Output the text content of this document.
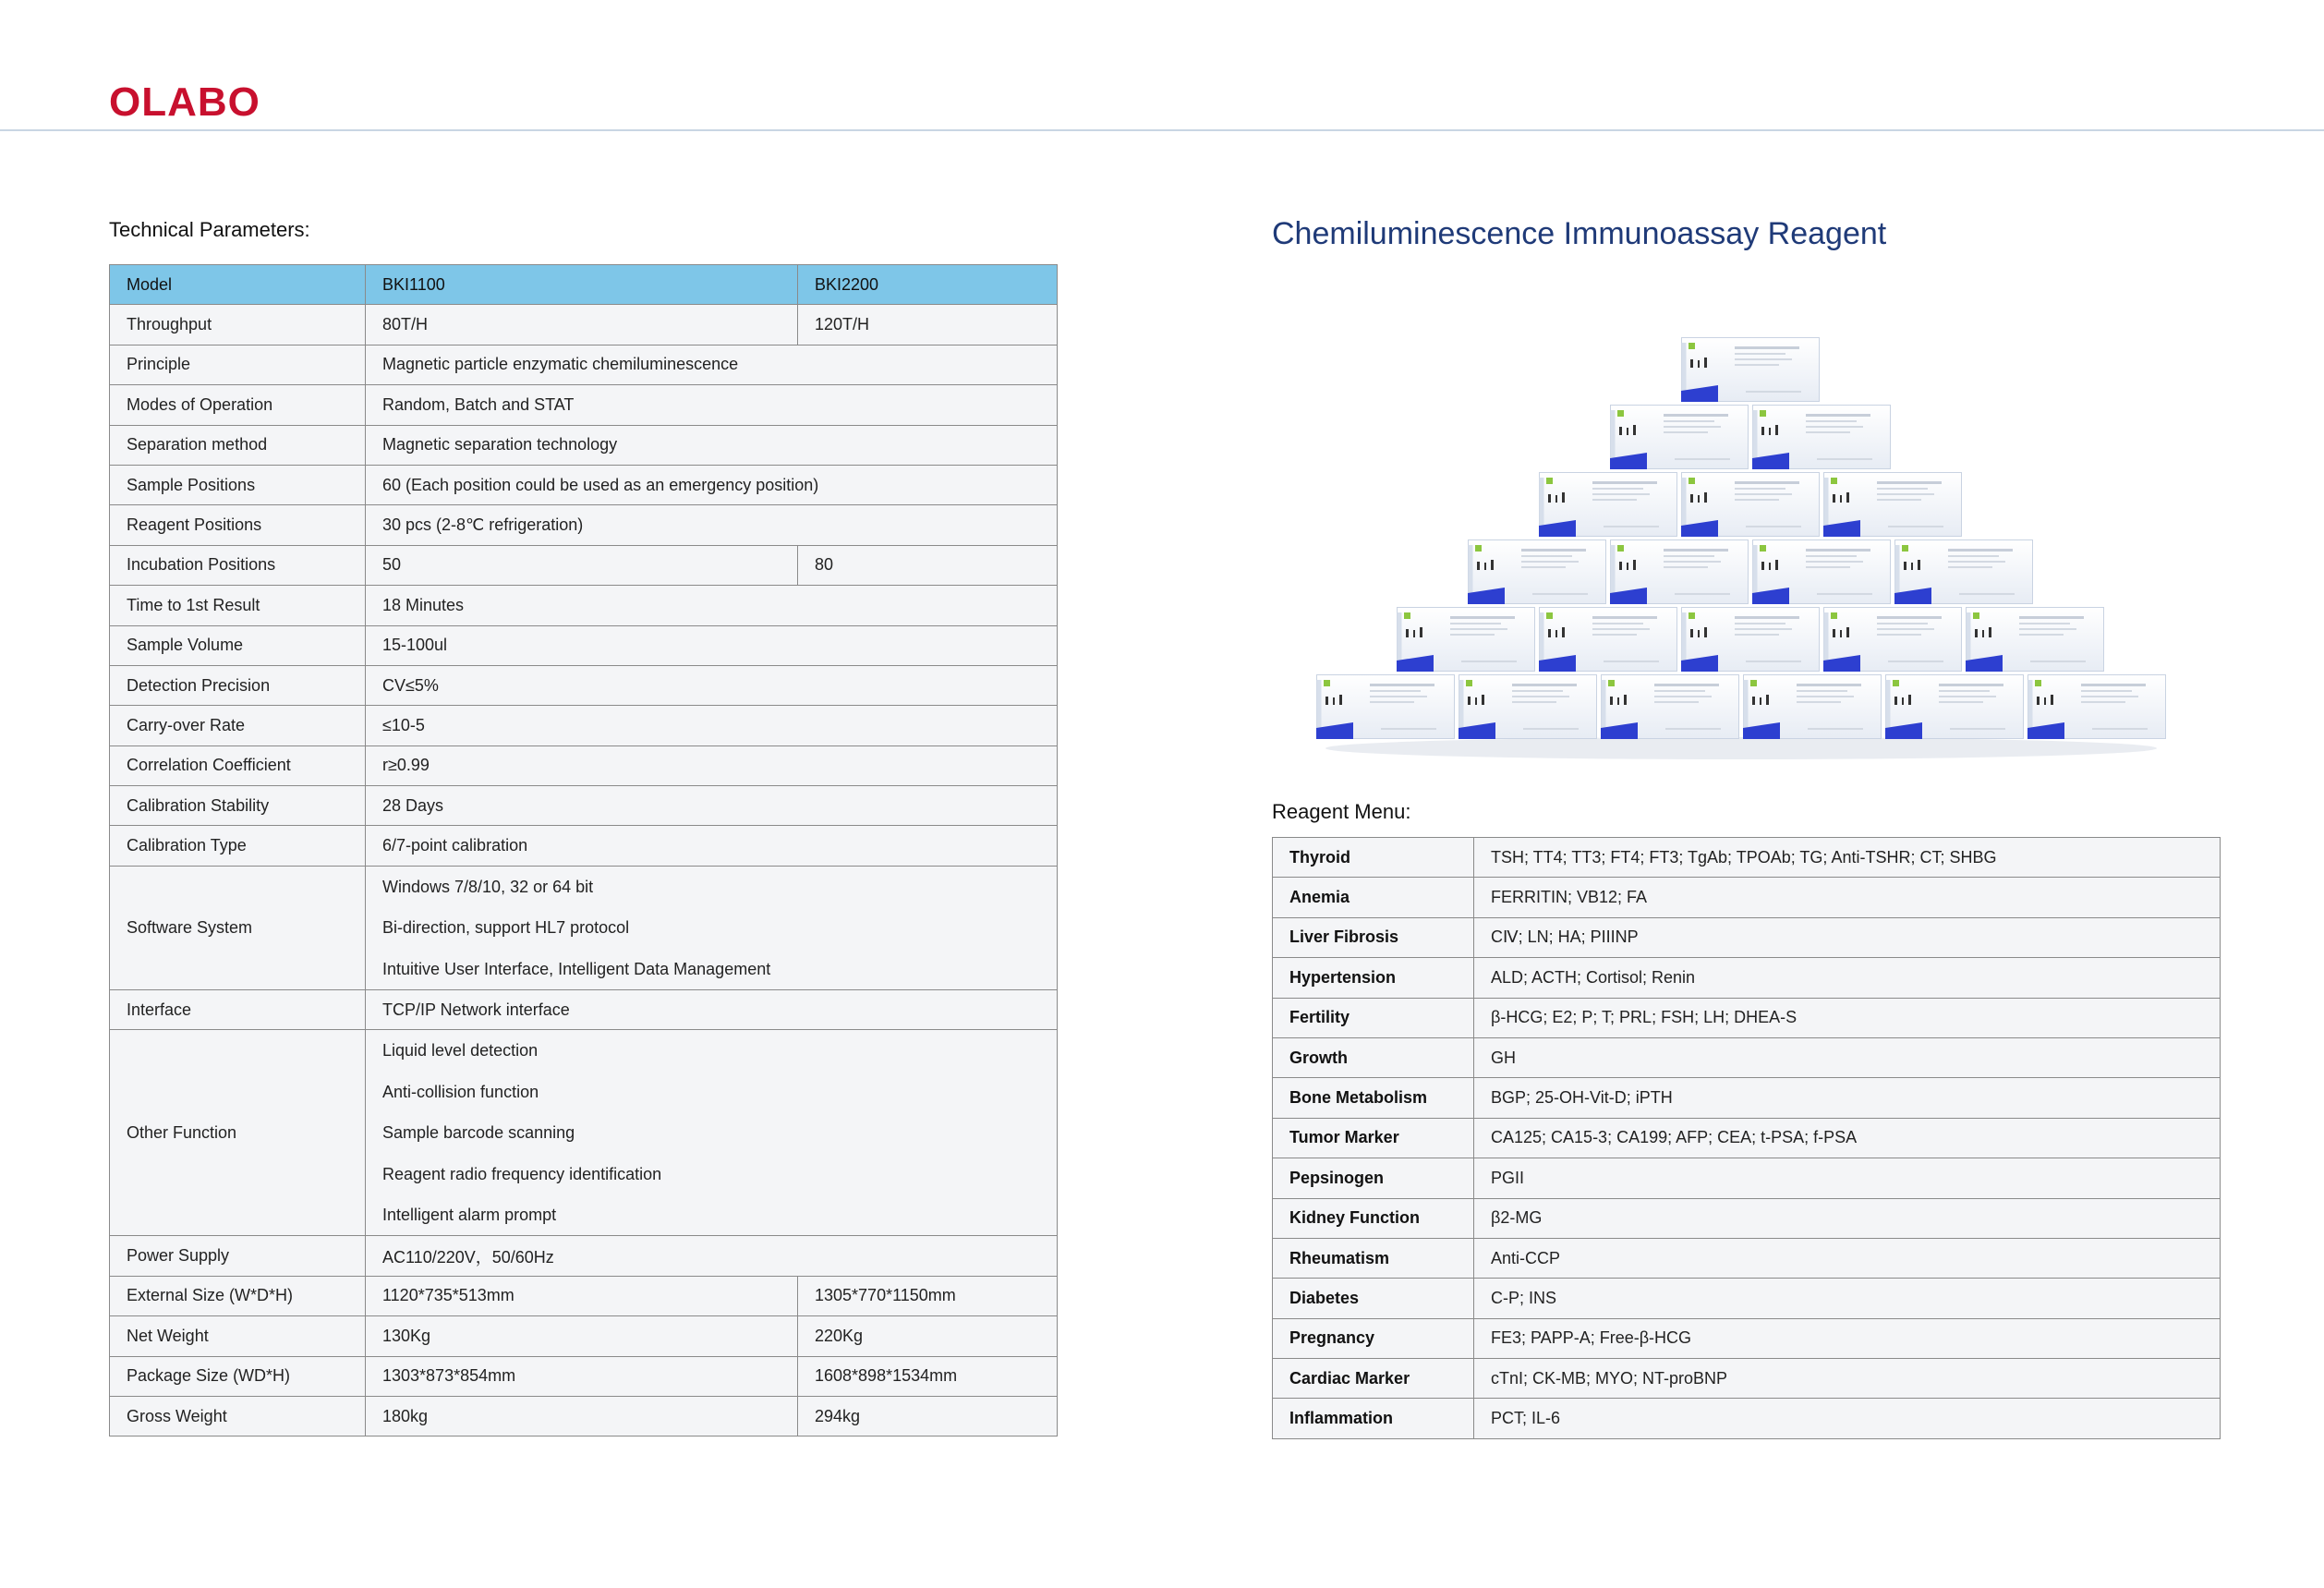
OLABO
Technical Parameters:
Model	BKI1100	BKI2200
Throughput	80T/H	120T/H
Principle	Magnetic particle enzymatic chemiluminescence	
Modes of Operation	Random, Batch and STAT	
Separation method	Magnetic separation technology	
Sample Positions	60 (Each position could be used as an emergency position)	
Reagent Positions	30 pcs (2-8℃ refrigeration)	
Incubation Positions	50	80
Time to 1st Result	18 Minutes	
Sample Volume	15-100ul	
Detection Precision	CV≤5%	
Carry-over Rate	≤10-5	
Correlation Coefficient	r≥0.99	
Calibration Stability	28 Days	
Calibration Type	6/7-point calibration	
Software System	Windows 7/8/10, 32 or 64 bit
Bi-direction, support HL7 protocol
Intuitive User Interface, Intelligent Data Management	

Interface	TCP/IP Network interface	
Other Function	Liquid level detection
Anti-collision function
Sample barcode scanning
Reagent radio frequency identification
Intelligent alarm prompt	

Power Supply	AC110/220V，50/60Hz	
External Size (W*D*H)	1120*735*513mm	1305*770*1150mm
Net Weight	130Kg	220Kg
Package Size (WD*H)	1303*873*854mm	1608*898*1534mm
Gross Weight	180kg	294kg
Chemiluminescence Immunoassay Reagent
Reagent Menu:
Thyroid	TSH; TT4; TT3; FT4; FT3; TgAb; TPOAb; TG; Anti-TSHR; CT; SHBG
Anemia	FERRITIN; VB12; FA
Liver Fibrosis	CⅣ; LN; HA; PIIINP
Hypertension	ALD; ACTH; Cortisol; Renin
Fertility	β-HCG; E2; P; T; PRL; FSH; LH; DHEA-S
Growth	GH
Bone Metabolism	BGP; 25-OH-Vit-D; iPTH
Tumor Marker	CA125; CA15-3; CA199; AFP; CEA; t-PSA; f-PSA
Pepsinogen	PGII
Kidney Function	β2-MG
Rheumatism	Anti-CCP
Diabetes	C-P; INS
Pregnancy	FE3; PAPP-A; Free-β-HCG
Cardiac Marker	cTnI; CK-MB; MYO; NT-proBNP
Inflammation	PCT; IL-6
